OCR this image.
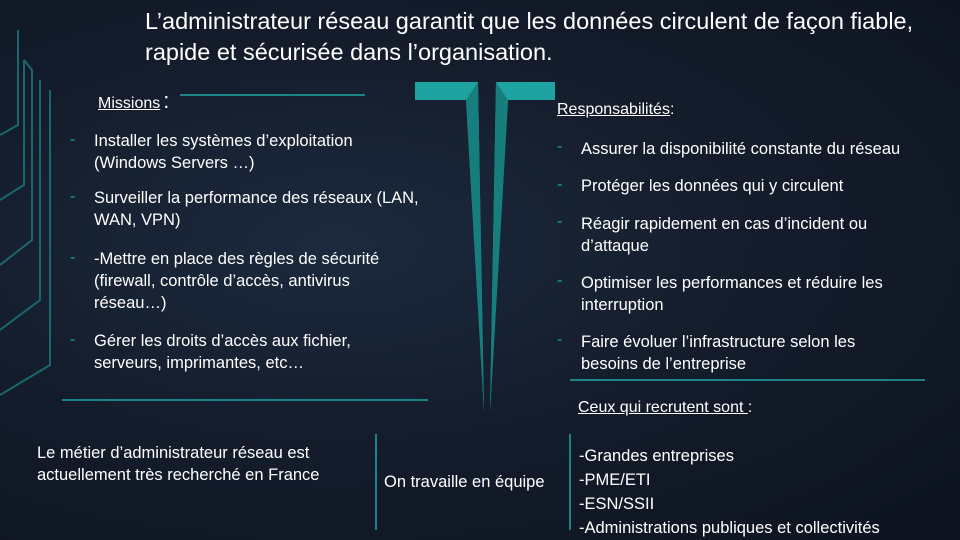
L’administrateur réseau garantit que les données circulent de façon fiable, rapide et sécurisée dans l’organisation.
Missions :
- Installer les systèmes d’exploitation (Windows Servers …)
- Surveiller la performance des réseaux (LAN, WAN, VPN)
- -Mettre en place des règles de sécurité (firewall, contrôle d’accès, antivirus réseau…)
- Gérer les droits d’accès aux fichier, serveurs, imprimantes, etc…
Responsabilités:
- Assurer la disponibilité constante du réseau
- Protéger les données qui y circulent
- Réagir rapidement en cas d’incident ou d’attaque
- Optimiser les performances et réduire les interruption
- Faire évoluer l’infrastructure selon les besoins de l’entreprise
Le métier d’administrateur réseau est actuellement très recherché en France	On travaille en équipe
Ceux qui recrutent sont :
-Grandes entreprises
-PME/ETI
-ESN/SSII
-Administrations publiques et collectivités
